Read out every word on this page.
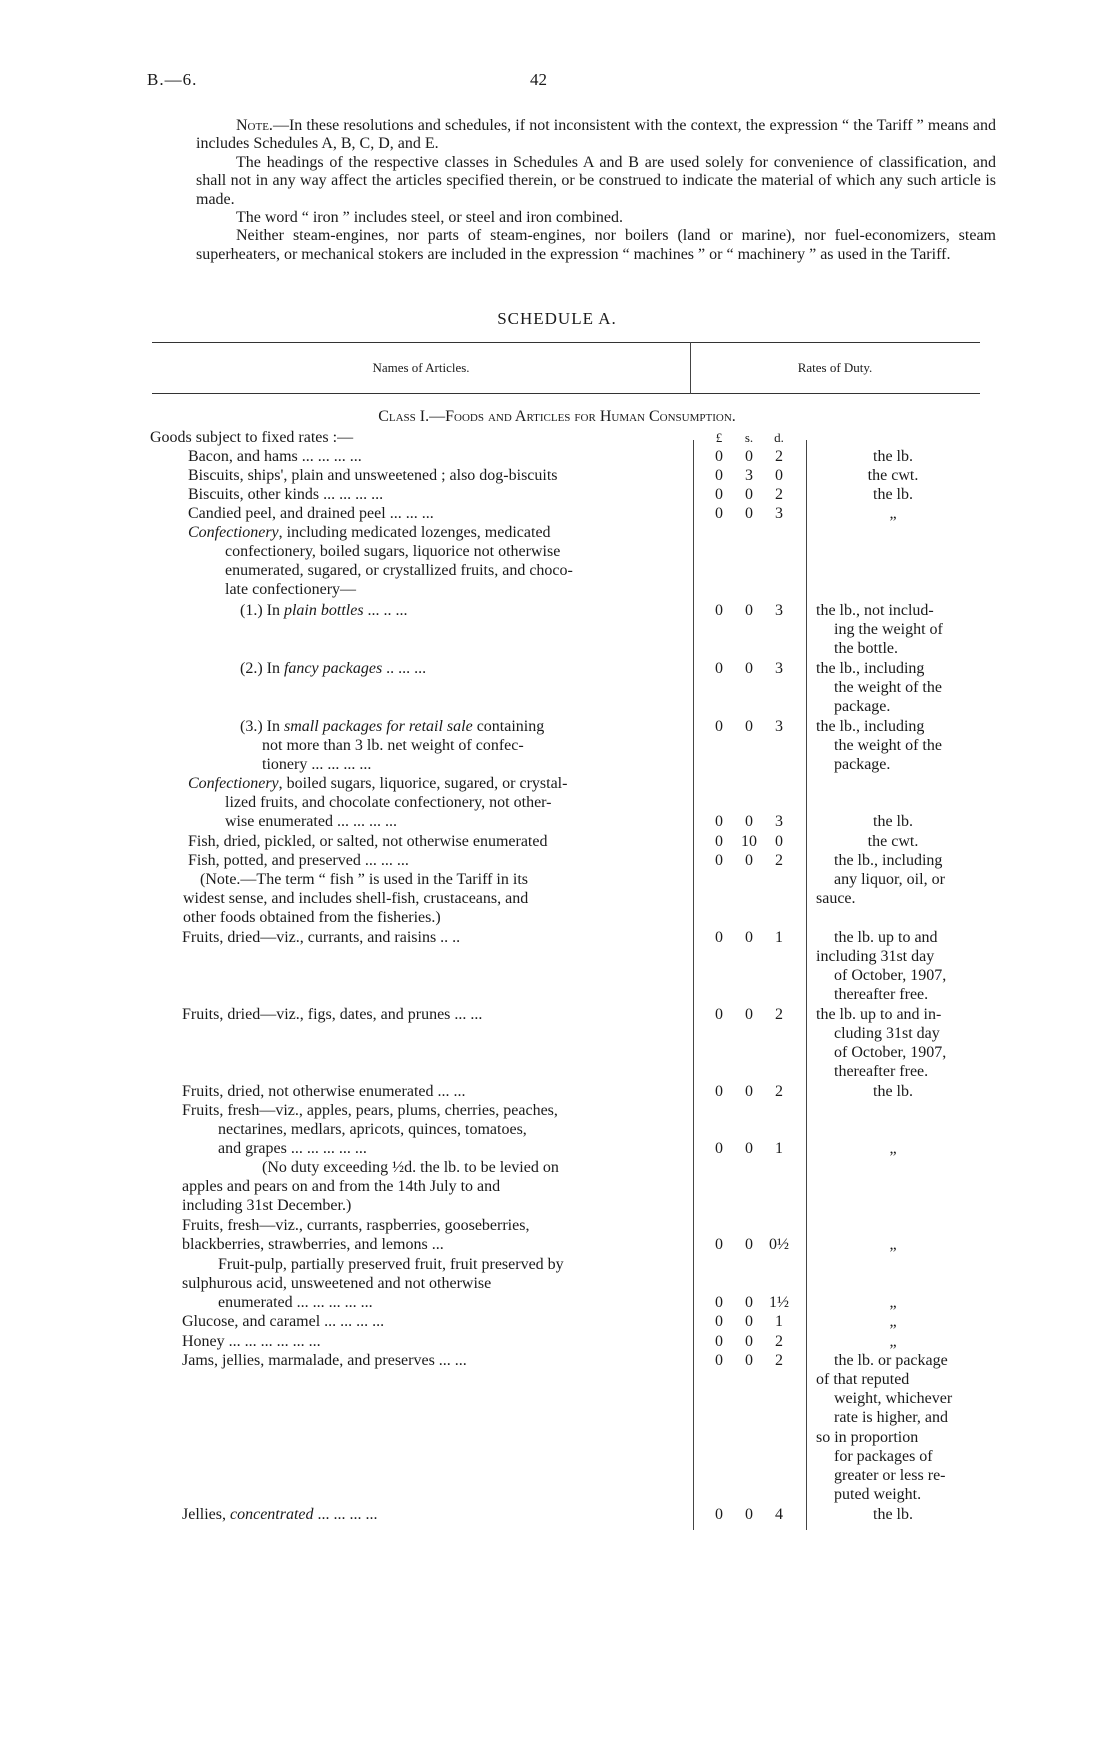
B.—6.	42

Note.—In these resolutions and schedules, if not inconsistent with the context, the expression “ the Tariff ” means and includes Schedules A, B, C, D, and E.

The headings of the respective classes in Schedules A and B are used solely for convenience of classification, and shall not in any way affect the articles specified therein, or be construed to indicate the material of which any such article is made.

The word “ iron ” includes steel, or steel and iron combined.

Neither steam-engines, nor parts of steam-engines, nor boilers (land or marine), nor fuel-economizers, steam superheaters, or mechanical stokers are included in the expression “ machines ” or “ machinery ” as used in the Tariff.

SCHEDULE A.
Names of Articles.	Rates of Duty.
Class I.—Foods and Articles for Human Consumption.
£	s.	d.
Goods subject to fixed rates :—
Bacon, and hams ... ... ... ...	0	0	2	the lb.
Biscuits, ships', plain and unsweetened ; also dog-biscuits	0	3	0	the cwt.
Biscuits, other kinds ... ... ... ...	0	0	2	the lb.
Candied peel, and drained peel ... ... ...	0	0	3	„
Confectionery, including medicated lozenges, medicated
confectionery, boiled sugars, liquorice not otherwise
enumerated, sugared, or crystallized fruits, and choco-
late confectionery—
(1.) In plain bottles ... .. ...	0	0	3	the lb., not includ-
ing the weight of
the bottle.
(2.) In fancy packages .. ... ...	0	0	3	the lb., including
the weight of the
package.
(3.) In small packages for retail sale containing	0	0	3	the lb., including
not more than 3 lb. net weight of confec-	the weight of the
tionery ... ... ... ...	package.
Confectionery, boiled sugars, liquorice, sugared, or crystal-
lized fruits, and chocolate confectionery, not other-
wise enumerated ... ... ... ...	0	0	3	the lb.
Fish, dried, pickled, or salted, not otherwise enumerated	0	10	0	the cwt.
Fish, potted, and preserved ... ... ...	0	0	2	the lb., including
(Note.—The term “ fish ” is used in the Tariff in its	any liquor, oil, or
widest sense, and includes shell-fish, crustaceans, and	sauce.
other foods obtained from the fisheries.)
Fruits, dried—viz., currants, and raisins .. ..	0	0	1	the lb. up to and
including 31st day
of October, 1907,
thereafter free.
Fruits, dried—viz., figs, dates, and prunes ... ...	0	0	2	the lb. up to and in-
cluding 31st day
of October, 1907,
thereafter free.
Fruits, dried, not otherwise enumerated ... ...	0	0	2	the lb.
Fruits, fresh—viz., apples, pears, plums, cherries, peaches,
nectarines, medlars, apricots, quinces, tomatoes,
and grapes ... ... ... ... ...	0	0	1	„
(No duty exceeding ½d. the lb. to be levied on
apples and pears on and from the 14th July to and
including 31st December.)
Fruits, fresh—viz., currants, raspberries, gooseberries,
blackberries, strawberries, and lemons ...	0	0	0½	„
Fruit-pulp, partially preserved fruit, fruit preserved by
sulphurous acid, unsweetened and not otherwise
enumerated ... ... ... ... ...	0	0	1½	„
Glucose, and caramel ... ... ... ...	0	0	1	„
Honey ... ... ... ... ... ...	0	0	2	„
Jams, jellies, marmalade, and preserves ... ...	0	0	2	the lb. or package
of that reputed
weight, whichever
rate is higher, and
so in proportion
for packages of
greater or less re-
puted weight.
Jellies, concentrated ... ... ... ...	0	0	4	the lb.
